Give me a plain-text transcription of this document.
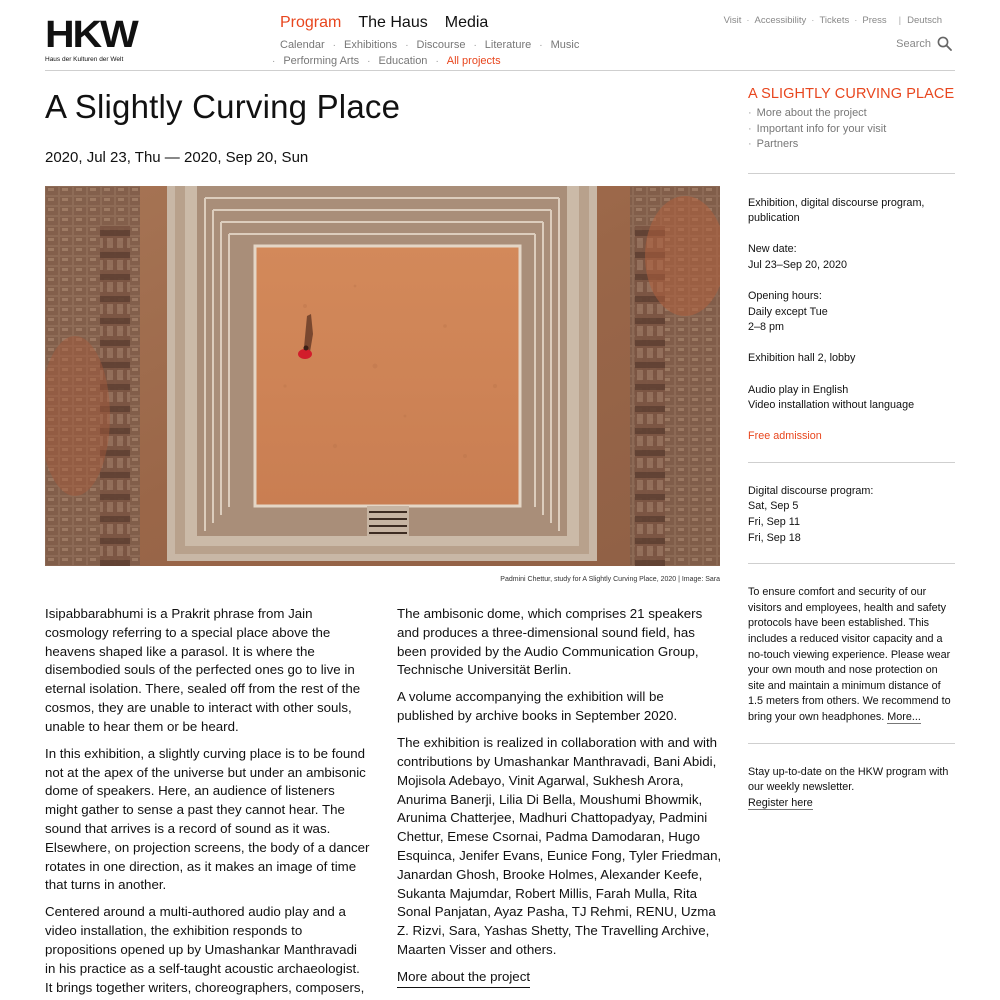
HKW
Haus der Kulturen der Welt
Program The Haus Media
Calendar · Exhibitions · Discourse · Literature · Music
· Performing Arts · Education · All projects
Visit · Accessibility · Tickets · Press | Deutsch
Search
A Slightly Curving Place
2020, Jul 23, Thu — 2020, Sep 20, Sun
Padmini Chettur, study for A Slightly Curving Place, 2020 | Image: Sara

Isipabbarabhumi is a Prakrit phrase from Jain cosmology referring to a special place above the heavens shaped like a parasol. It is where the disembodied souls of the perfected ones go to live in eternal isolation. There, sealed off from the rest of the cosmos, they are unable to interact with other souls, unable to hear them or be heard.

In this exhibition, a slightly curving place is to be found not at the apex of the universe but under an ambisonic dome of speakers. Here, an audience of listeners might gather to sense a past they cannot hear. The sound that arrives is a record of sound as it was. Elsewhere, on projection screens, the body of a dancer rotates in one direction, as it makes an image of time that turns in another.

Centered around a multi-authored audio play and a video installation, the exhibition responds to propositions opened up by Umashankar Manthravadi in his practice as a self-taught acoustic archaeologist. It brings together writers, choreographers, composers,

The ambisonic dome, which comprises 21 speakers and produces a three-dimensional sound field, has been provided by the Audio Communication Group, Technische Universität Berlin.

A volume accompanying the exhibition will be published by archive books in September 2020.

The exhibition is realized in collaboration with and with contributions by Umashankar Manthravadi, Bani Abidi, Mojisola Adebayo, Vinit Agarwal, Sukhesh Arora, Anurima Banerji, Lilia Di Bella, Moushumi Bhowmik, Arunima Chatterjee, Madhuri Chattopadyay, Padmini Chettur, Emese Csornai, Padma Damodaran, Hugo Esquinca, Jenifer Evans, Eunice Fong, Tyler Friedman, Janardan Ghosh, Brooke Holmes, Alexander Keefe, Sukanta Majumdar, Robert Millis, Farah Mulla, Rita Sonal Panjatan, Ayaz Pasha, TJ Rehmi, RENU, Uzma Z. Rizvi, Sara, Yashas Shetty, The Travelling Archive, Maarten Visser and others.

More about the project
A SLIGHTLY CURVING PLACE
· More about the project
· Important info for your visit
· Partners
Exhibition, digital discourse program, publication
New date:
Jul 23–Sep 20, 2020
Opening hours:
Daily except Tue
2–8 pm
Exhibition hall 2, lobby
Audio play in English
Video installation without language
Free admission
Digital discourse program:
Sat, Sep 5
Fri, Sep 11
Fri, Sep 18
To ensure comfort and security of our visitors and employees, health and safety protocols have been established. This includes a reduced visitor capacity and a no-touch viewing experience. Please wear your own mouth and nose protection on site and maintain a minimum distance of 1.5 meters from others. We recommend to bring your own headphones. More...
Stay up-to-date on the HKW program with our weekly newsletter.
Register here
